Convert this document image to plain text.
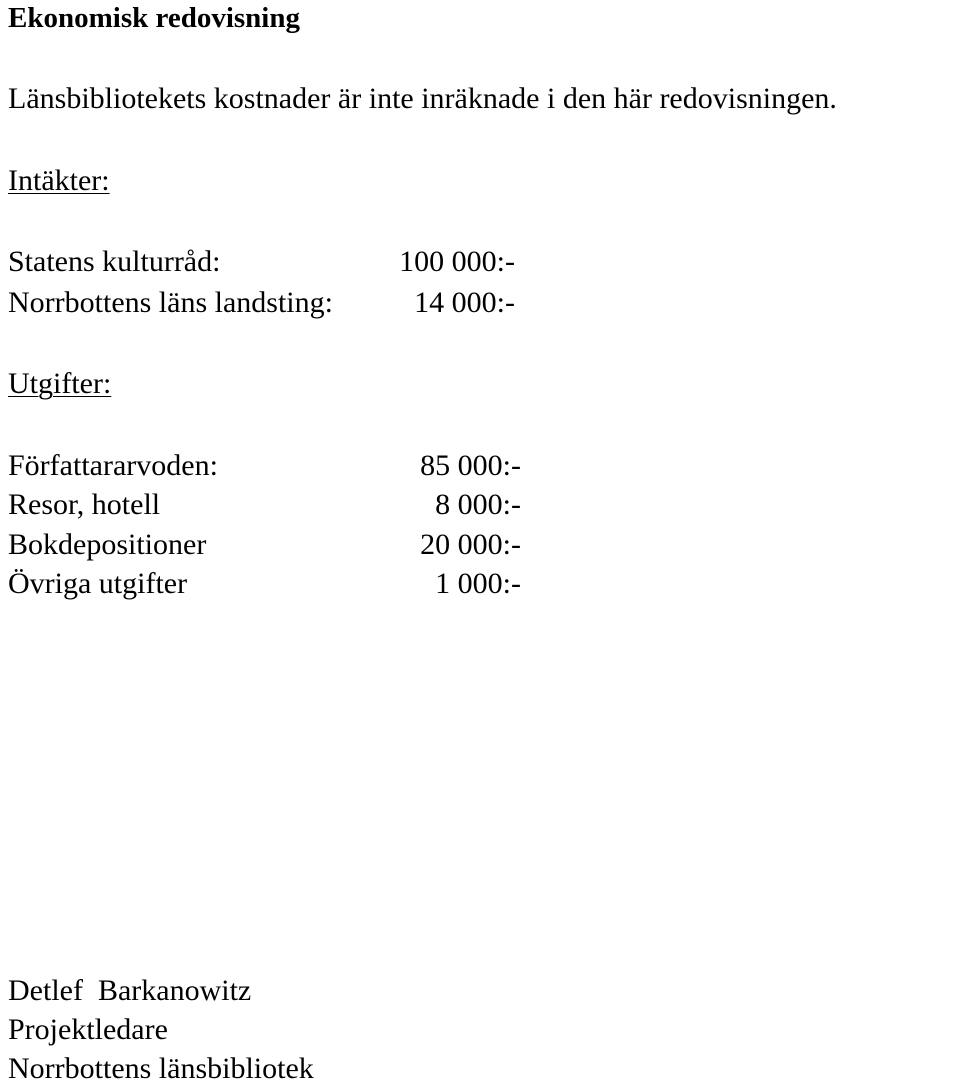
Ekonomisk redovisning
Länsbibliotekets kostnader är inte inräknade i den här redovisningen.
Intäkter:
Statens kulturråd:	100 000:-
Norrbottens läns landsting:	14 000:-
Utgifter:
Författararvoden:	85 000:-
Resor, hotell	8 000:-
Bokdepositioner	20 000:-
Övriga utgifter	1 000:-
Detlef  Barkanowitz
Projektledare
Norrbottens länsbibliotek
